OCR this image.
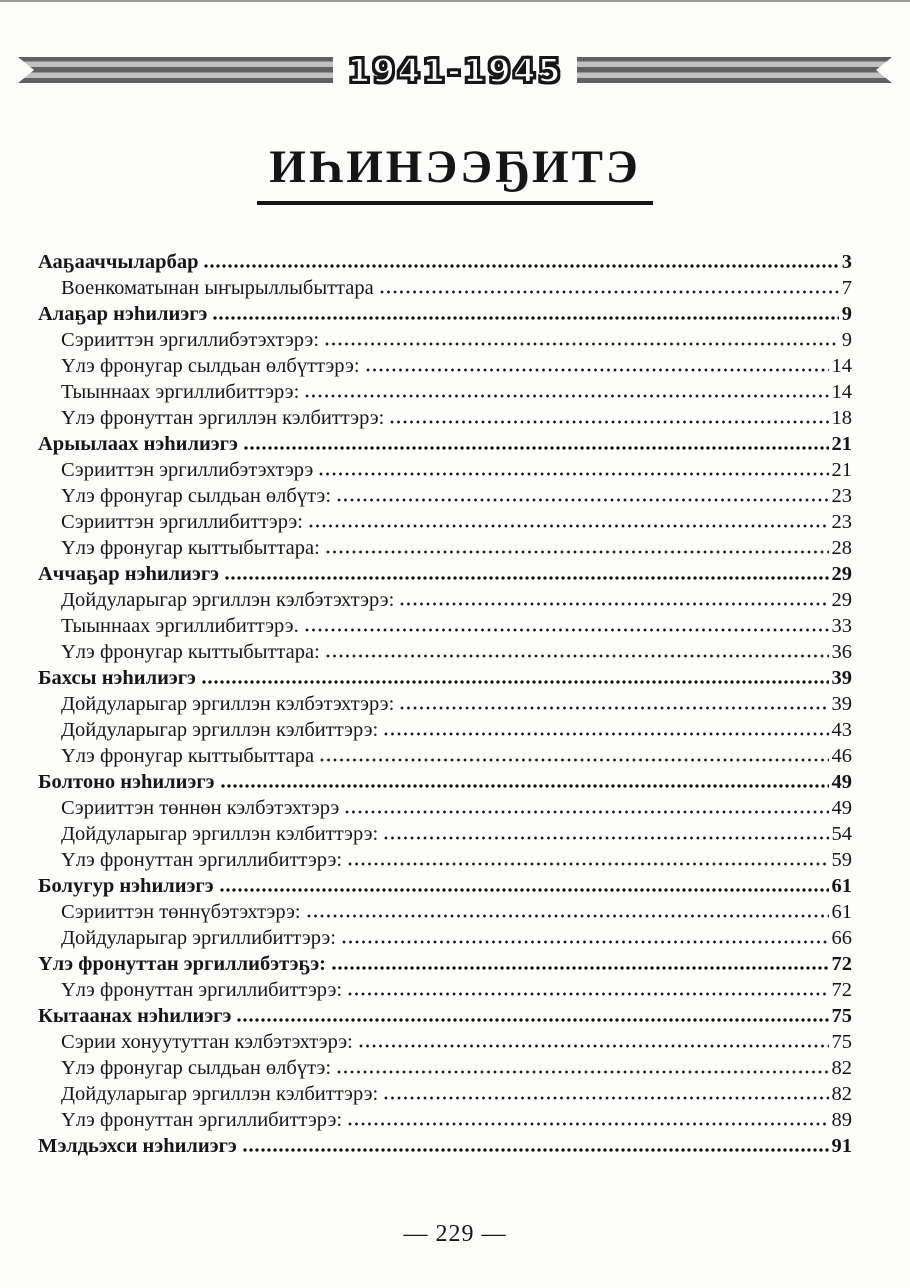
1941-1945
ИҺИНЭЭҔИТЭ
Ааҕааччыларбар	3
Военкоматынан ыҥырыллыбыттара	7
Алаҕар нэһилиэгэ	9
Сэрииттэн эргиллибэтэхтэрэ:	9
Үлэ фронугар сылдьан өлбүттэрэ:	14
Тыыннаах эргиллибиттэрэ:	14
Үлэ фронуттан эргиллэн кэлбиттэрэ:	18
Арыылаах нэһилиэгэ	21
Сэрииттэн эргиллибэтэхтэрэ	21
Үлэ фронугар сылдьан өлбүтэ:	23
Сэрииттэн эргиллибиттэрэ:	23
Үлэ фронугар кыттыбыттара:	28
Аччаҕар нэһилиэгэ	29
Дойдуларыгар эргиллэн кэлбэтэхтэрэ:	29
Тыыннаах эргиллибиттэрэ.	33
Үлэ фронугар кыттыбыттара:	36
Бахсы нэһилиэгэ	39
Дойдуларыгар эргиллэн кэлбэтэхтэрэ:	39
Дойдуларыгар эргиллэн кэлбиттэрэ:	43
Үлэ фронугар кыттыбыттара	46
Болтоно нэһилиэгэ	49
Сэрииттэн төннөн кэлбэтэхтэрэ	49
Дойдуларыгар эргиллэн кэлбиттэрэ:	54
Үлэ фронуттан эргиллибиттэрэ:	59
Болугур нэһилиэгэ	61
Сэрииттэн төннүбэтэхтэрэ:	61
Дойдуларыгар эргиллибиттэрэ:	66
Үлэ фронуттан эргиллибэтэҕэ:	72
Үлэ фронуттан эргиллибиттэрэ:	72
Кытаанах нэһилиэгэ	75
Сэрии хонуутуттан кэлбэтэхтэрэ:	75
Үлэ фронугар сылдьан өлбүтэ:	82
Дойдуларыгар эргиллэн кэлбиттэрэ:	82
Үлэ фронуттан эргиллибиттэрэ:	89
Мэлдьэхси нэһилиэгэ	91
— 229 —
